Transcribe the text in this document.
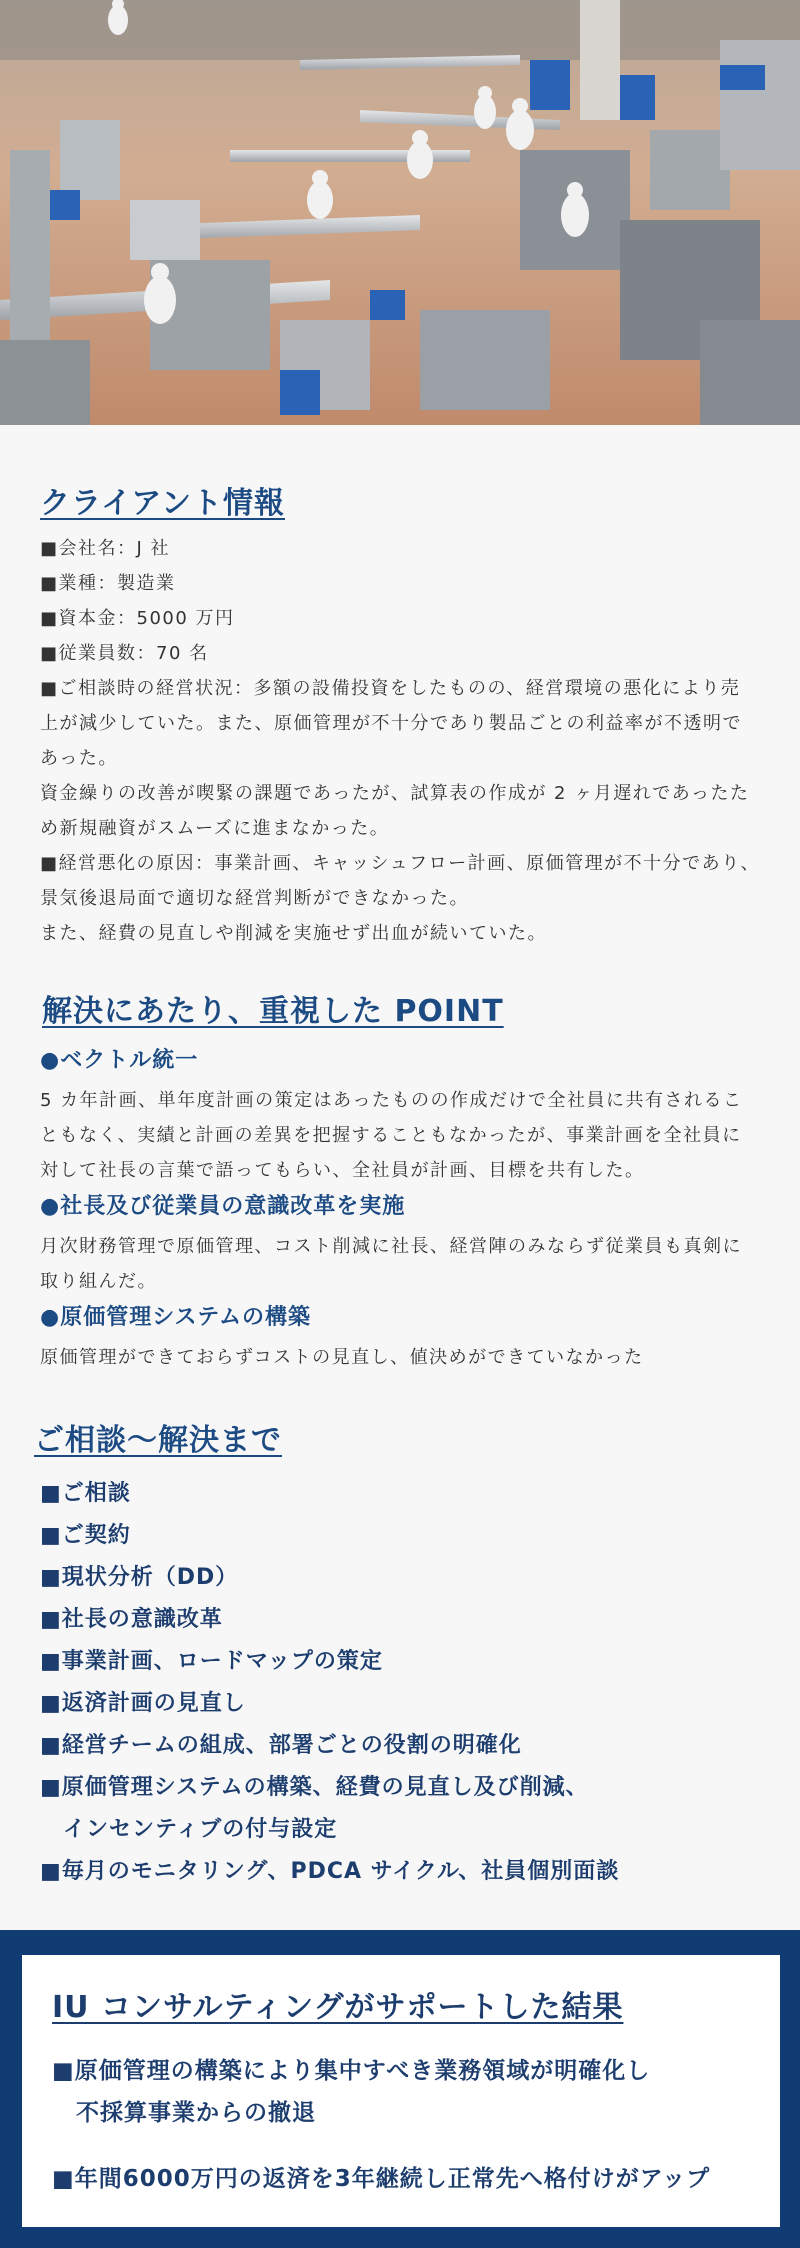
クライアント情報
■会社名：J 社
■業種：製造業
■資本金：5000 万円
■従業員数：70 名
■ご相談時の経営状況：多額の設備投資をしたものの、経営環境の悪化により売
上が減少していた。また、原価管理が不十分であり製品ごとの利益率が不透明で
あった。
資金繰りの改善が喫緊の課題であったが、試算表の作成が 2 ヶ月遅れであったた
め新規融資がスムーズに進まなかった。
■経営悪化の原因：事業計画、キャッシュフロー計画、原価管理が不十分であり、
景気後退局面で適切な経営判断ができなかった。
また、経費の見直しや削減を実施せず出血が続いていた。
解決にあたり、重視した POINT
●ベクトル統一
5 カ年計画、単年度計画の策定はあったものの作成だけで全社員に共有されるこ
ともなく、実績と計画の差異を把握することもなかったが、事業計画を全社員に
対して社長の言葉で語ってもらい、全社員が計画、目標を共有した。
●社長及び従業員の意識改革を実施
月次財務管理で原価管理、コスト削減に社長、経営陣のみならず従業員も真剣に
取り組んだ。
●原価管理システムの構築
原価管理ができておらずコストの見直し、値決めができていなかった
ご相談～解決まで
■ご相談
■ご契約
■現状分析（DD）
■社長の意識改革
■事業計画、ロードマップの策定
■返済計画の見直し
■経営チームの組成、部署ごとの役割の明確化
■原価管理システムの構築、経費の見直し及び削減、
　インセンティブの付与設定
■毎月のモニタリング、PDCA サイクル、社員個別面談
IU コンサルティングがサポートした結果
■原価管理の構築により集中すべき業務領域が明確化し
　不採算事業からの撤退
■年間6000万円の返済を3年継続し正常先へ格付けがアップ
